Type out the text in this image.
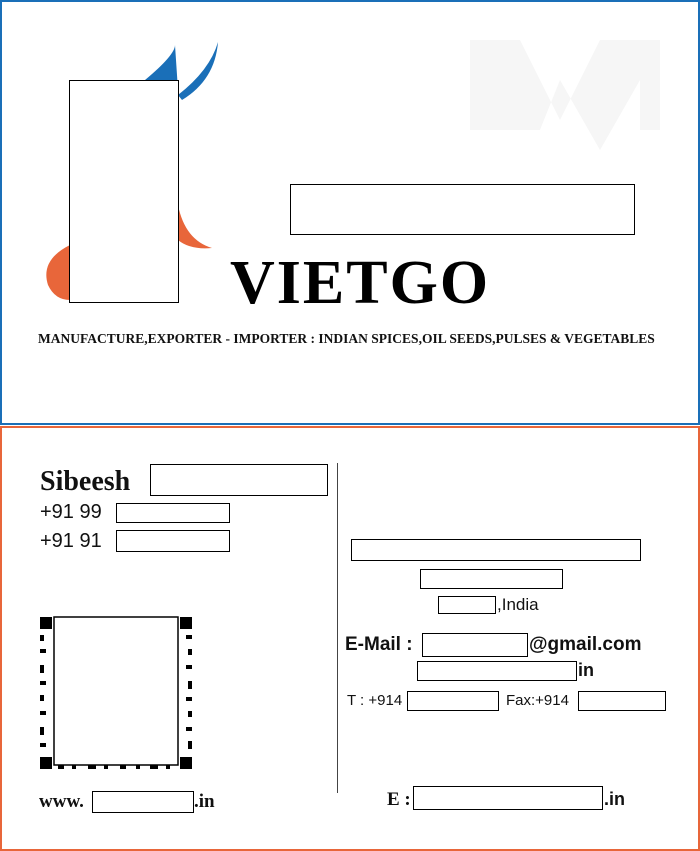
VIETGO
MANUFACTURE,EXPORTER - IMPORTER : INDIAN SPICES,OIL SEEDS,PULSES & VEGETABLES
Sibeesh
+91 99
+91 91
www.	.in
,India
E-Mail :	@gmail.com
in
T : +914	Fax:+914
E :	.in
